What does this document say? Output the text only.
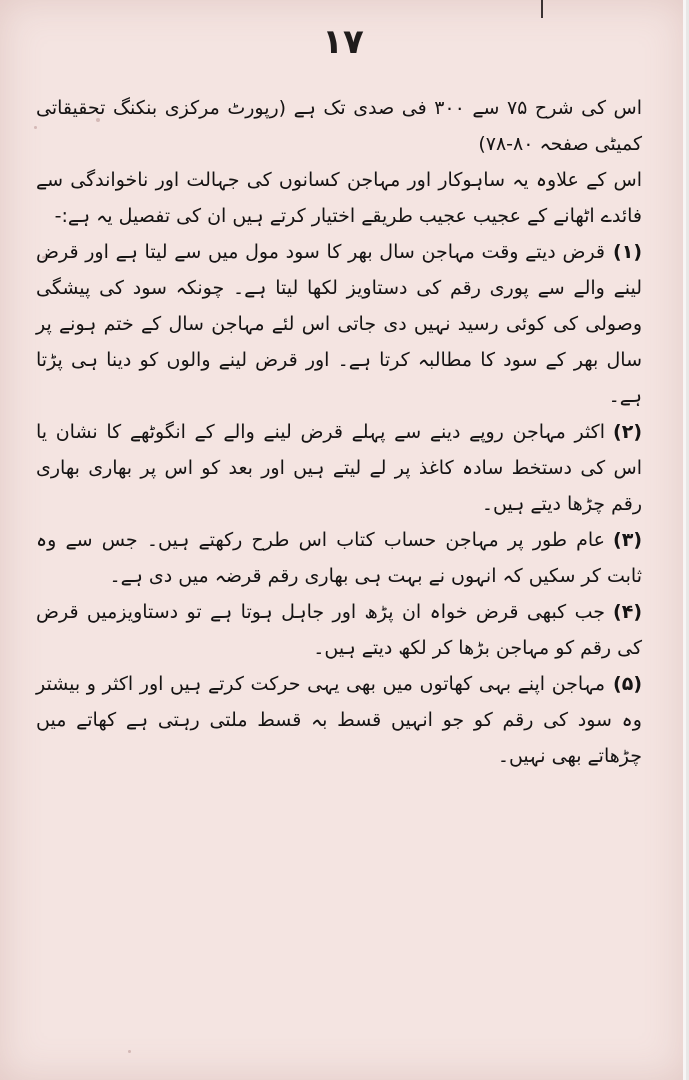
۱۷

اس کی شرح ۷۵ سے ۳۰۰ فی صدی تک ہے (رپورٹ مرکزی بنکنگ تحقیقاتی کمیٹی صفحہ ۸۰-۷۸)

اس کے علاوہ یہ ساہوکار اور مہاجن کسانوں کی جہالت اور ناخواندگی سے فائدے اٹھانے کے عجیب عجیب طریقے اختیار کرتے ہیں ان کی تفصیل یہ ہے:-

(۱)قرض دیتے وقت مہاجن سال بھر کا سود مول میں سے لیتا ہے اور قرض لینے والے سے پوری رقم کی دستاویز لکھا لیتا ہے۔ چونکہ سود کی پیشگی وصولی کی کوئی رسید نہیں دی جاتی اس لئے مہاجن سال کے ختم ہونے پر سال بھر کے سود کا مطالبہ کرتا ہے۔ اور قرض لینے والوں کو دینا ہی پڑتا ہے۔

(۲)اکثر مہاجن روپے دینے سے پہلے قرض لینے والے کے انگوٹھے کا نشان یا اس کی دستخط سادہ کاغذ پر لے لیتے ہیں اور بعد کو اس پر بھاری بھاری رقم چڑھا دیتے ہیں۔

(۳)عام طور پر مہاجن حساب کتاب اس طرح رکھتے ہیں۔ جس سے وہ ثابت کر سکیں کہ انہوں نے بہت ہی بھاری رقم قرضہ میں دی ہے۔

(۴)جب کبھی قرض خواہ ان پڑھ اور جاہل ہوتا ہے تو دستاویزمیں قرض کی رقم کو مہاجن بڑھا کر لکھ دیتے ہیں۔

(۵)مہاجن اپنے بہی کھاتوں میں بھی یہی حرکت کرتے ہیں اور اکثر و بیشتر وہ سود کی رقم کو جو انہیں قسط بہ قسط ملتی رہتی ہے کھاتے میں چڑھاتے بھی نہیں۔
